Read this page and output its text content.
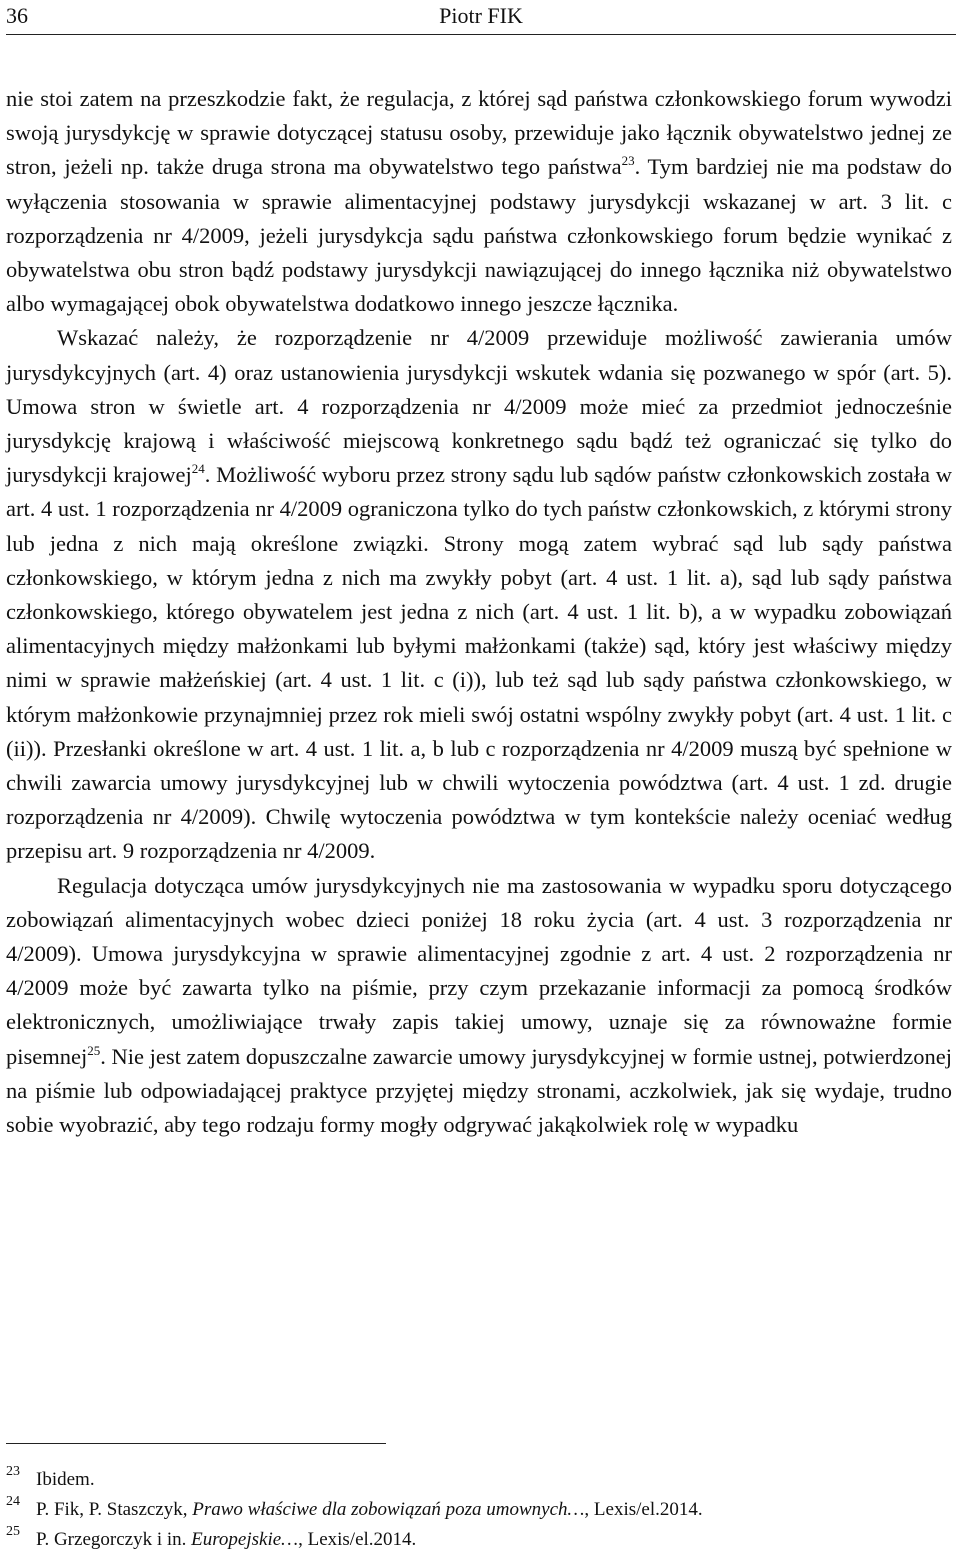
36	Piotr FIK

nie stoi zatem na przeszkodzie fakt, że regulacja, z której sąd państwa członkowskiego forum wywodzi swoją jurysdykcję w sprawie dotyczącej statusu osoby, przewiduje jako łącznik obywatelstwo jednej ze stron, jeżeli np. także druga strona ma obywatelstwo tego państwa$^{23}$. Tym bardziej nie ma podstaw do wyłączenia stosowania w sprawie alimentacyjnej podstawy jurysdykcji wskazanej w art. 3 lit. c rozporządzenia nr 4/2009, jeżeli jurysdykcja sądu państwa członkowskiego forum będzie wynikać z obywatelstwa obu stron bądź podstawy jurysdykcji nawiązującej do innego łącznika niż obywatelstwo albo wymagającej obok obywatelstwa dodatkowo innego jeszcze łącznika.

Wskazać należy, że rozporządzenie nr 4/2009 przewiduje możliwość zawierania umów jurysdykcyjnych (art. 4) oraz ustanowienia jurysdykcji wskutek wdania się pozwanego w spór (art. 5). Umowa stron w świetle art. 4 rozporządzenia nr 4/2009 może mieć za przedmiot jednocześnie jurysdykcję krajową i właściwość miejscową konkretnego sądu bądź też ograniczać się tylko do jurysdykcji krajowej$^{24}$. Możliwość wyboru przez strony sądu lub sądów państw członkowskich została w art. 4 ust. 1 rozporządzenia nr 4/2009 ograniczona tylko do tych państw członkowskich, z którymi strony lub jedna z nich mają określone związki. Strony mogą zatem wybrać sąd lub sądy państwa członkowskiego, w którym jedna z nich ma zwykły pobyt (art. 4 ust. 1 lit. a), sąd lub sądy państwa członkowskiego, którego obywatelem jest jedna z nich (art. 4 ust. 1 lit. b), a w wypadku zobowiązań alimentacyjnych między małżonkami lub byłymi małżonkami (także) sąd, który jest właściwy między nimi w sprawie małżeńskiej (art. 4 ust. 1 lit. c (i)), lub też sąd lub sądy państwa członkowskiego, w którym małżonkowie przynajmniej przez rok mieli swój ostatni wspólny zwykły pobyt (art. 4 ust. 1 lit. c (ii)). Przesłanki określone w art. 4 ust. 1 lit. a, b lub c rozporządzenia nr 4/2009 muszą być spełnione w chwili zawarcia umowy jurysdykcyjnej lub w chwili wytoczenia powództwa (art. 4 ust. 1 zd. drugie rozporządzenia nr 4/2009). Chwilę wytoczenia powództwa w tym kontekście należy oceniać według przepisu art. 9 rozporządzenia nr 4/2009.

Regulacja dotycząca umów jurysdykcyjnych nie ma zastosowania w wypadku sporu dotyczącego zobowiązań alimentacyjnych wobec dzieci poniżej 18 roku życia (art. 4 ust. 3 rozporządzenia nr 4/2009). Umowa jurysdykcyjna w sprawie alimentacyjnej zgodnie z art. 4 ust. 2 rozporządzenia nr 4/2009 może być zawarta tylko na piśmie, przy czym przekazanie informacji za pomocą środków elektronicznych, umożliwiające trwały zapis takiej umowy, uznaje się za równoważne formie pisemnej$^{25}$. Nie jest zatem dopuszczalne zawarcie umowy jurysdykcyjnej w formie ustnej, potwierdzonej na piśmie lub odpowiadającej praktyce przyjętej między stronami, aczkolwiek, jak się wydaje, trudno sobie wyobrazić, aby tego rodzaju formy mogły odgrywać jakąkolwiek rolę w wypadku

23 Ibidem.
24 P. Fik, P. Staszczyk, Prawo właściwe dla zobowiązań poza umownych…, Lexis/el.2014.
25 P. Grzegorczyk i in. Europejskie…, Lexis/el.2014.
